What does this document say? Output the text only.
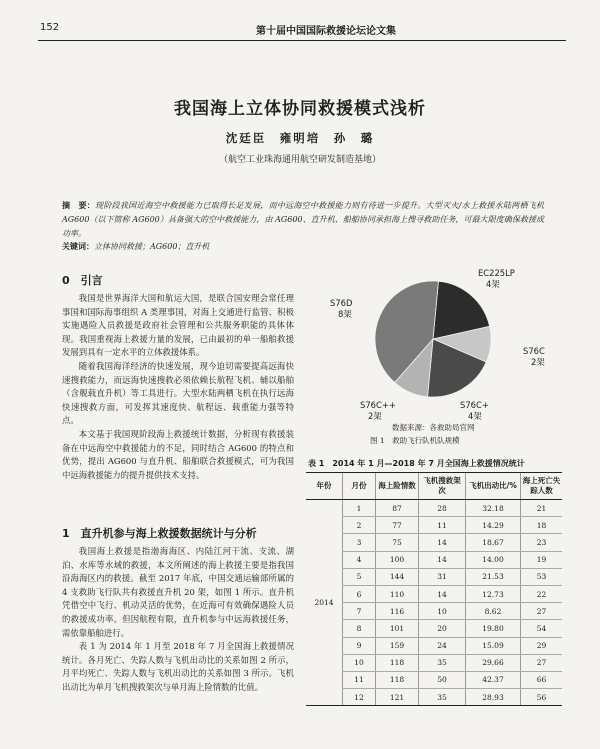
152	第十届中国国际救援论坛论文集
我国海上立体协同救援模式浅析
沈廷臣　雍明培　孙　璐
（航空工业珠海通用航空研发制造基地）
摘　要：现阶段我国近海空中救援能力已取得长足发展，而中远海空中救援能力则有待进一步提升。大型灭火/水上救援水陆两栖飞机 AG600（以下简称 AG600）具备强大的空中救援能力，由 AG600、直升机、船舶协同承担海上搜寻救助任务，可最大限度确保救援成功率。
关键词：立体协同救援；AG600；直升机
0　引言

我国是世界海洋大国和航运大国，是联合国安理会常任理事国和国际海事组织 A 类理事国，对海上交通进行监管、积极实施遇险人员救援是政府社会管理和公共服务职能的具体体现。我国重视海上救援力量的发展，已由最初的单一船舶救援发展到具有一定水平的立体救援体系。

随着我国海洋经济的快速发展，现今迫切需要提高远海快速搜救能力，而远海快速搜救必须依赖长航程飞机、辅以船舶（含舰载直升机）等工具进行。大型水陆两栖飞机在执行远海快速搜救方面，可发挥其速度快、航程远、载重能力强等特点。

本文基于我国现阶段海上救援统计数据，分析现有救援装备在中远海空中救援能力的不足，同时结合 AG600 的特点和优势，提出 AG600 与直升机、船舶联合救援模式，可为我国中远海救援能力的提升提供技术支持。

1　直升机参与海上救援数据统计与分析

我国海上救援是指渤海海区、内陆江河干流、支流、湖泊、水库等水域的救援，本文所阐述的海上救援主要是指我国沿海海区内的救援。截至 2017 年底，中国交通运输部所属的 4 支救助飞行队共有救援直升机 20 架，如图 1 所示。直升机凭借空中飞行、机动灵活的优势，在近海可有效确保遇险人员的救援成功率。但因航程有限，直升机参与中远海救援任务，需依靠船舶进行。

表 1 为 2014 年 1 月至 2018 年 7 月全国海上救援情况统计。各月死亡、失踪人数与飞机出动比的关系如图 2 所示，月平均死亡、失踪人数与飞机出动比的关系如图 3 所示。飞机出动比为单月飞机搜救架次与单月海上险情数的比值。

EC225LP 4架
S76C 2架
S76C+ 4架
S76C++ 2架
S76D 8架
数据来源：各救助局官网
图 1　救助飞行队机队规模
表 1　2014 年 1 月—2018 年 7 月全国海上救援情况统计
年份	月份	海上险情数	飞机搜救架次	飞机出动比/%	海上死亡失踪人数
2014	1	87	28	32.18	21
	2	77	11	14.29	18
	3	75	14	18.67	23
	4	100	14	14.00	19
	5	144	31	21.53	53
	6	110	14	12.73	22
	7	116	10	8.62	27
	8	101	20	19.80	54
	9	159	24	15.09	29
	10	118	35	29.66	27
	11	118	50	42.37	66
	12	121	35	28.93	56
